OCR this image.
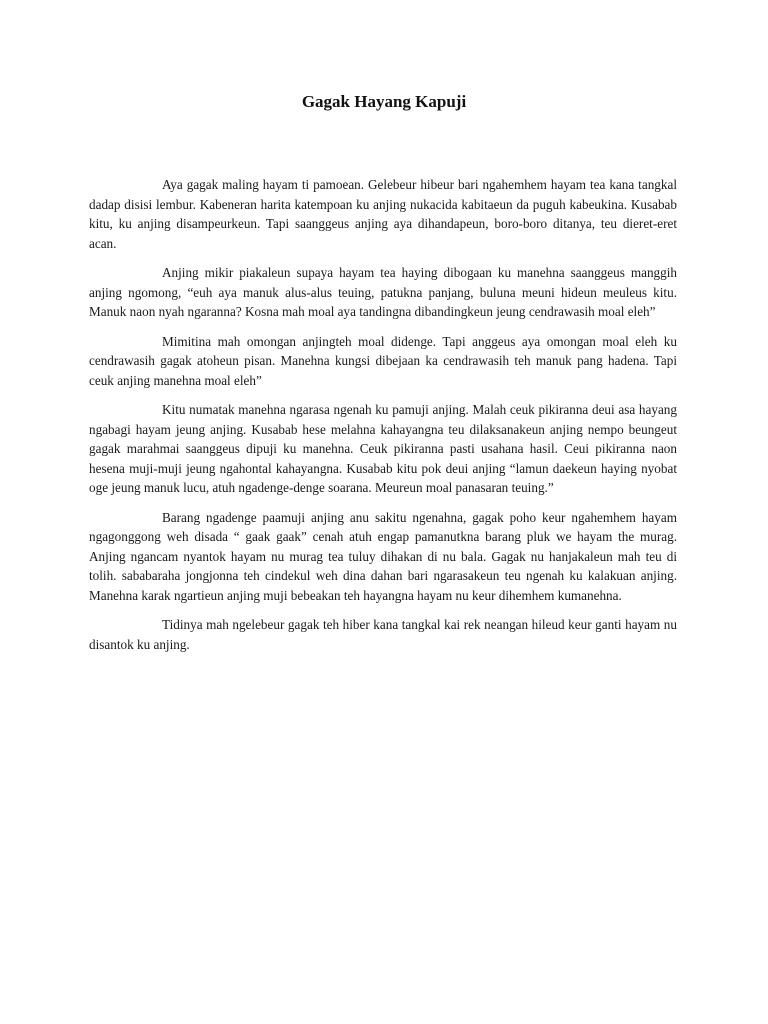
Gagak Hayang Kapuji

Aya gagak maling hayam ti pamoean. Gelebeur hibeur bari ngahemhem hayam tea kana tangkal dadap disisi lembur. Kabeneran harita katempoan ku anjing nukacida kabitaeun da puguh kabeukina. Kusabab kitu, ku anjing disampeurkeun. Tapi saanggeus anjing aya dihandapeun, boro-boro ditanya, teu dieret-eret acan.

Anjing mikir piakaleun supaya hayam tea haying dibogaan ku manehna saanggeus manggih anjing ngomong, “euh aya manuk alus-alus teuing, patukna panjang, buluna meuni hideun meuleus kitu. Manuk naon nyah ngaranna? Kosna mah moal aya tandingna dibandingkeun jeung cendrawasih moal eleh”

Mimitina mah omongan anjingteh moal didenge. Tapi anggeus aya omongan moal eleh ku cendrawasih gagak atoheun pisan. Manehna kungsi dibejaan ka cendrawasih teh manuk pang hadena. Tapi ceuk anjing manehna moal eleh”

Kitu numatak manehna ngarasa ngenah ku pamuji anjing. Malah ceuk pikiranna deui asa hayang ngabagi hayam jeung anjing. Kusabab hese melahna kahayangna teu dilaksanakeun anjing nempo beungeut gagak marahmai saanggeus dipuji ku manehna. Ceuk pikiranna pasti usahana hasil. Ceui pikiranna naon hesena muji-muji jeung ngahontal kahayangna. Kusabab kitu pok deui anjing “lamun daekeun haying nyobat oge jeung manuk lucu, atuh ngadenge-denge soarana. Meureun moal panasaran teuing.”

Barang ngadenge paamuji anjing anu sakitu ngenahna, gagak poho keur ngahemhem hayam ngagonggong weh disada “ gaak gaak” cenah atuh engap pamanutkna barang pluk we hayam the murag. Anjing ngancam nyantok hayam nu murag tea tuluy dihakan di nu bala. Gagak nu hanjakaleun mah teu di tolih. sababaraha jongjonna teh cindekul weh dina dahan bari ngarasakeun teu ngenah ku kalakuan anjing. Manehna karak ngartieun anjing muji bebeakan teh hayangna hayam nu keur dihemhem kumanehna.

Tidinya mah ngelebeur gagak teh hiber kana tangkal kai rek neangan hileud keur ganti hayam nu disantok ku anjing.
